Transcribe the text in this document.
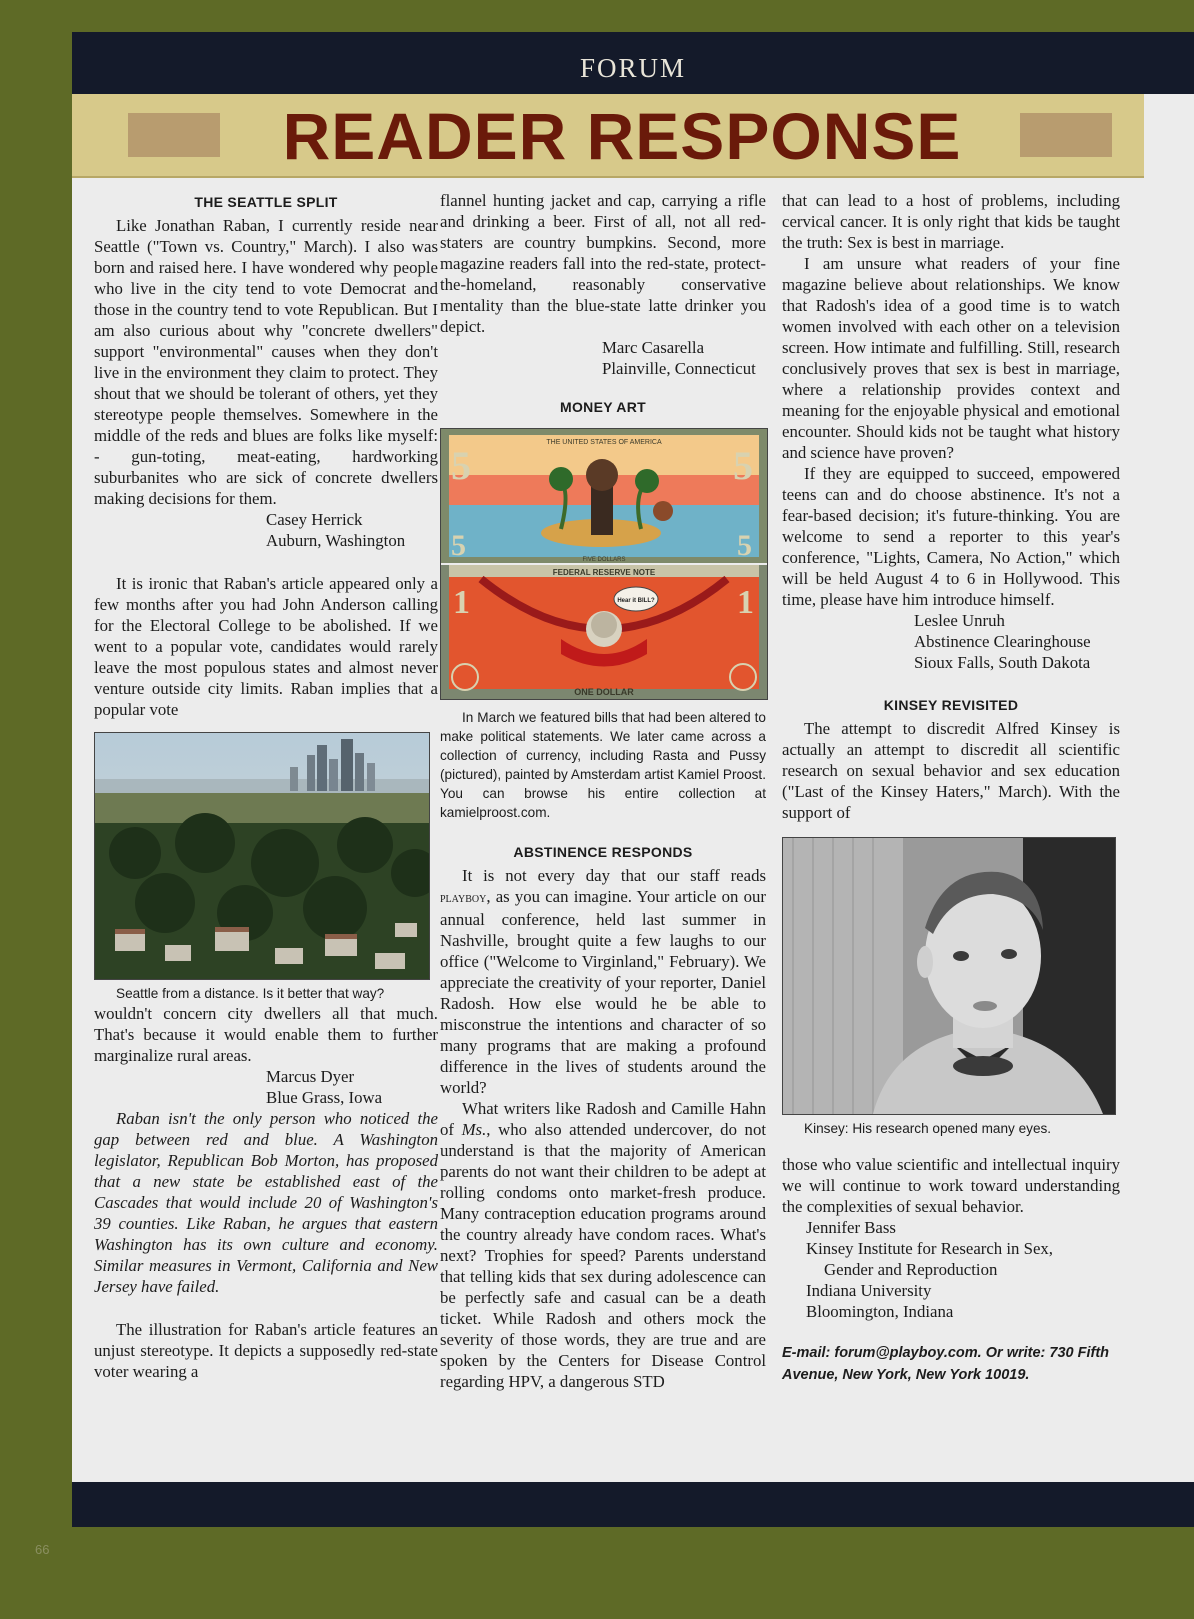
FORUM
READER RESPONSE
THE SEATTLE SPLIT

Like Jonathan Raban, I currently reside near Seattle ("Town vs. Country," March). I also was born and raised here. I have wondered why people who live in the city tend to vote Democrat and those in the country tend to vote Republican. But I am also curious about why "concrete dwellers" support "environmental" causes when they don't live in the environment they claim to protect. They shout that we should be tolerant of others, yet they stereotype people themselves. Somewhere in the middle of the reds and blues are folks like myself: - gun-toting, meat-eating, hardworking suburbanites who are sick of concrete dwellers making decisions for them.

Casey Herrick

Auburn, Washington

It is ironic that Raban's article appeared only a few months after you had John Anderson calling for the Electoral College to be abolished. If we went to a popular vote, candidates would rarely leave the most populous states and almost never venture outside city limits. Raban implies that a popular vote

Seattle from a distance. Is it better that way?

wouldn't concern city dwellers all that much. That's because it would enable them to further marginalize rural areas.

Marcus Dyer

Blue Grass, Iowa

Raban isn't the only person who noticed the gap between red and blue. A Washington legislator, Republican Bob Morton, has proposed that a new state be established east of the Cascades that would include 20 of Washington's 39 counties. Like Raban, he argues that eastern Washington has its own culture and economy. Similar measures in Vermont, California and New Jersey have failed.

The illustration for Raban's article features an unjust stereotype. It depicts a supposedly red-state voter wearing a

flannel hunting jacket and cap, carrying a rifle and drinking a beer. First of all, not all red-staters are country bumpkins. Second, more magazine readers fall into the red-state, protect-the-homeland, reasonably conservative mentality than the blue-state latte drinker you depict.

Marc Casarella

Plainville, Connecticut

MONEY ART
5	5
5	5
THE UNITED STATES OF AMERICA
FIVE DOLLARS
FEDERAL RESERVE NOTE
Hear it BILL?
1	1
ONE DOLLAR

In March we featured bills that had been altered to make political statements. We later came across a collection of currency, including Rasta and Pussy (pictured), painted by Amsterdam artist Kamiel Proost. You can browse his entire collection at kamielproost.com.

ABSTINENCE RESPONDS

It is not every day that our staff reads playboy, as you can imagine. Your article on our annual conference, held last summer in Nashville, brought quite a few laughs to our office ("Welcome to Virginland," February). We appreciate the creativity of your reporter, Daniel Radosh. How else would he be able to misconstrue the intentions and character of so many programs that are making a profound difference in the lives of students around the world?

What writers like Radosh and Camille Hahn of Ms., who also attended undercover, do not understand is that the majority of American parents do not want their children to be adept at rolling condoms onto market-fresh produce. Many contraception education programs around the country already have condom races. What's next? Trophies for speed? Parents understand that telling kids that sex during adolescence can be perfectly safe and casual can be a death ticket. While Radosh and others mock the severity of those words, they are true and are spoken by the Centers for Disease Control regarding HPV, a dangerous STD

that can lead to a host of problems, including cervical cancer. It is only right that kids be taught the truth: Sex is best in marriage.

I am unsure what readers of your fine magazine believe about relationships. We know that Radosh's idea of a good time is to watch women involved with each other on a television screen. How intimate and fulfilling. Still, research conclusively proves that sex is best in marriage, where a relationship provides context and meaning for the enjoyable physical and emotional encounter. Should kids not be taught what history and science have proven?

If they are equipped to succeed, empowered teens can and do choose abstinence. It's not a fear-based decision; it's future-thinking. You are welcome to send a reporter to this year's conference, "Lights, Camera, No Action," which will be held August 4 to 6 in Hollywood. This time, please have him introduce himself.

Leslee Unruh

Abstinence Clearinghouse

Sioux Falls, South Dakota

KINSEY REVISITED

The attempt to discredit Alfred Kinsey is actually an attempt to discredit all scientific research on sexual behavior and sex education ("Last of the Kinsey Haters," March). With the support of

Kinsey: His research opened many eyes.

those who value scientific and intellectual inquiry we will continue to work toward understanding the complexities of sexual behavior.

Jennifer Bass
Kinsey Institute for Research in Sex,
Gender and Reproduction
Indiana University
Bloomington, Indiana
E-mail: forum@playboy.com. Or write: 730 Fifth Avenue, New York, New York 10019.
66
